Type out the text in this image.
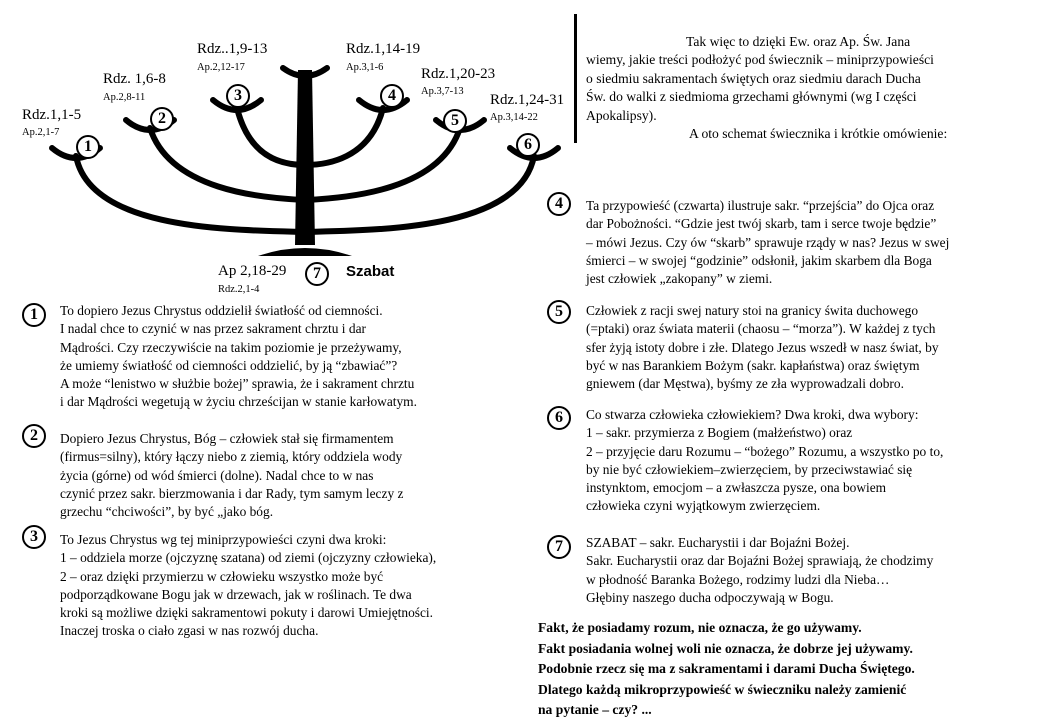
1
2
3	4
5
6
7
Rdz.1,1-5
Ap.2,1-7
Rdz. 1,6-8
Ap.2,8-11
Rdz..1,9-13
Ap.2,12-17
Rdz.1,14-19
Ap.3,1-6	Rdz.1,20-23
Ap.3,7-13
Rdz.1,24-31
Ap.3,14-22
Ap 2,18-29
Rdz.2,1-4
Szabat
Tak więc to dzięki Ew. oraz Ap. Św. Jana
wiemy, jakie treści podłożyć pod świecznik – miniprzypowieści
o siedmiu sakramentach świętych oraz siedmiu darach Ducha
Św. do walki z siedmioma grzechami głównymi (wg I części
Apokalipsy).
A oto schemat świecznika i krótkie omówienie:
1	To dopiero Jezus Chrystus oddzielił światłość od ciemności.
I nadal chce to czynić w nas przez sakrament chrztu i dar
Mądrości. Czy rzeczywiście na takim poziomie je przeżywamy,
że umiemy światłość od ciemności oddzielić, by ją “zbawiać”?
A może “lenistwo w służbie bożej” sprawia, że i sakrament chrztu
i dar Mądrości wegetują w życiu chrześcijan w stanie karłowatym.
2	Dopiero Jezus Chrystus, Bóg – człowiek stał się firmamentem
(firmus=silny), który łączy niebo z ziemią, który oddziela wody
życia (górne) od wód śmierci (dolne). Nadal chce to w nas
czynić przez sakr. bierzmowania i dar Rady, tym samym leczy z
grzechu “chciwości”, by być „jako bóg.
3	To Jezus Chrystus wg tej miniprzypowieści czyni dwa kroki:
1 – oddziela morze (ojczyznę szatana) od ziemi (ojczyzny człowieka),
2 – oraz dzięki przymierzu w człowieku wszystko może być
podporządkowane Bogu jak w drzewach, jak w roślinach. Te dwa
kroki są możliwe dzięki sakramentowi pokuty i darowi Umiejętności.
Inaczej troska o ciało zgasi w nas rozwój ducha.
4	Ta przypowieść (czwarta) ilustruje sakr. “przejścia” do Ojca oraz
dar Pobożności. “Gdzie jest twój skarb, tam i serce twoje będzie”
– mówi Jezus. Czy ów “skarb” sprawuje rządy w nas? Jezus w swej
śmierci – w swojej “godzinie” odsłonił, jakim skarbem dla Boga
jest człowiek „zakopany” w ziemi.
5	Człowiek z racji swej natury stoi na granicy świta duchowego
(=ptaki) oraz świata materii (chaosu – “morza”). W każdej z tych
sfer żyją istoty dobre i złe. Dlatego Jezus wszedł w nasz świat, by
być w nas Barankiem Bożym (sakr. kapłaństwa) oraz świętym
gniewem (dar Męstwa), byśmy ze zła wyprowadzali dobro.
6	Co stwarza człowieka człowiekiem? Dwa kroki, dwa wybory:
1 – sakr. przymierza z Bogiem (małżeństwo) oraz
2 – przyjęcie daru Rozumu – “bożego” Rozumu, a wszystko po to,
by nie być człowiekiem–zwierzęciem, by przeciwstawiać się
instynktom, emocjom – a zwłaszcza pysze, ona bowiem
człowieka czyni wyjątkowym zwierzęciem.
7	SZABAT – sakr. Eucharystii i dar Bojaźni Bożej.
Sakr. Eucharystii oraz dar Bojaźni Bożej sprawiają, że chodzimy
w płodność Baranka Bożego, rodzimy ludzi dla Nieba…
Głębiny naszego ducha odpoczywają w Bogu.
Fakt, że posiadamy rozum, nie oznacza, że go używamy.
Fakt posiadania wolnej woli nie oznacza, że dobrze jej używamy.
Podobnie rzecz się ma z sakramentami i darami Ducha Świętego.
Dlatego każdą mikroprzypowieść w świeczniku należy zamienić
na pytanie – czy? ...
